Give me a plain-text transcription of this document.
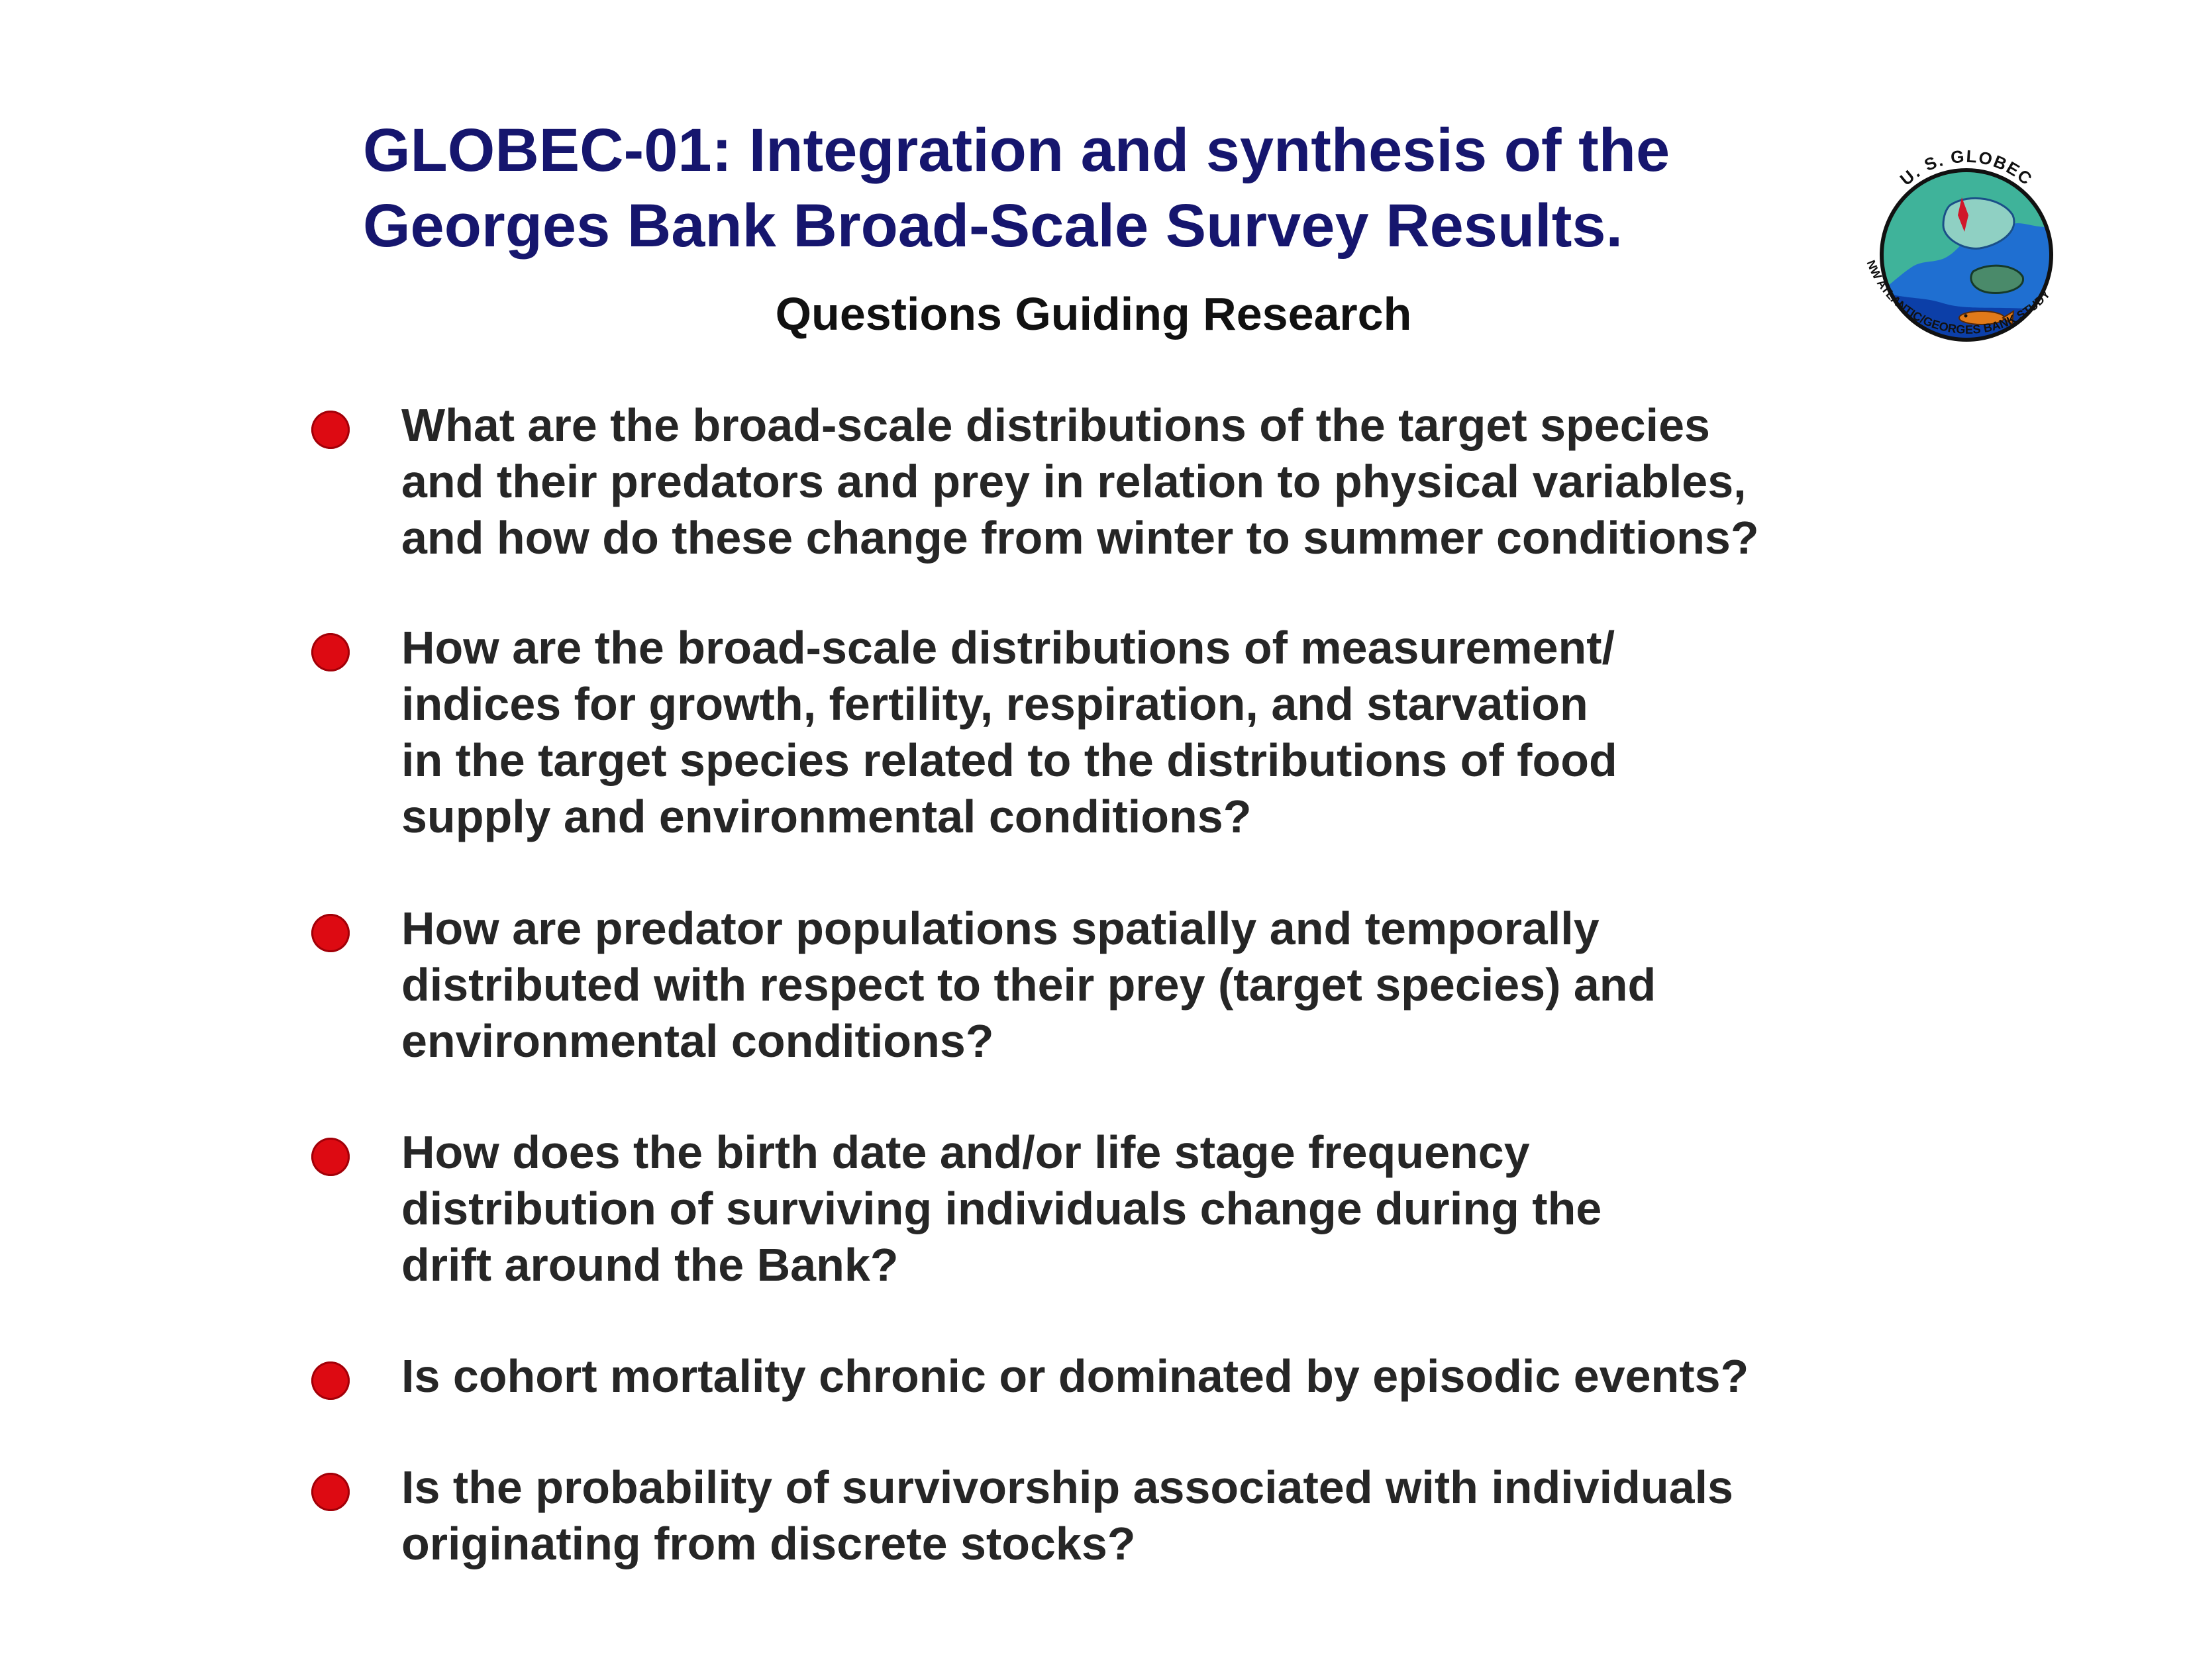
GLOBEC-01: Integration and synthesis of the
Georges Bank Broad-Scale Survey Results.
Questions Guiding Research
U. S. GLOBEC
NW ATLANTIC/GEORGES BANK STUDY
What are the broad-scale distributions of the target species
and their predators and prey in relation to physical variables,
and how do these change from winter to summer conditions?
How are the broad-scale distributions of measurement/
indices for growth, fertility, respiration, and starvation
in the target species related to the distributions of food
supply and environmental conditions?
How are predator populations spatially and temporally
distributed with respect to their prey (target species) and
environmental conditions?
How does the birth date and/or life stage frequency
distribution of surviving individuals change during the
drift around the Bank?
Is cohort mortality chronic or dominated by episodic events?
Is the probability of survivorship associated with individuals
originating from discrete stocks?
